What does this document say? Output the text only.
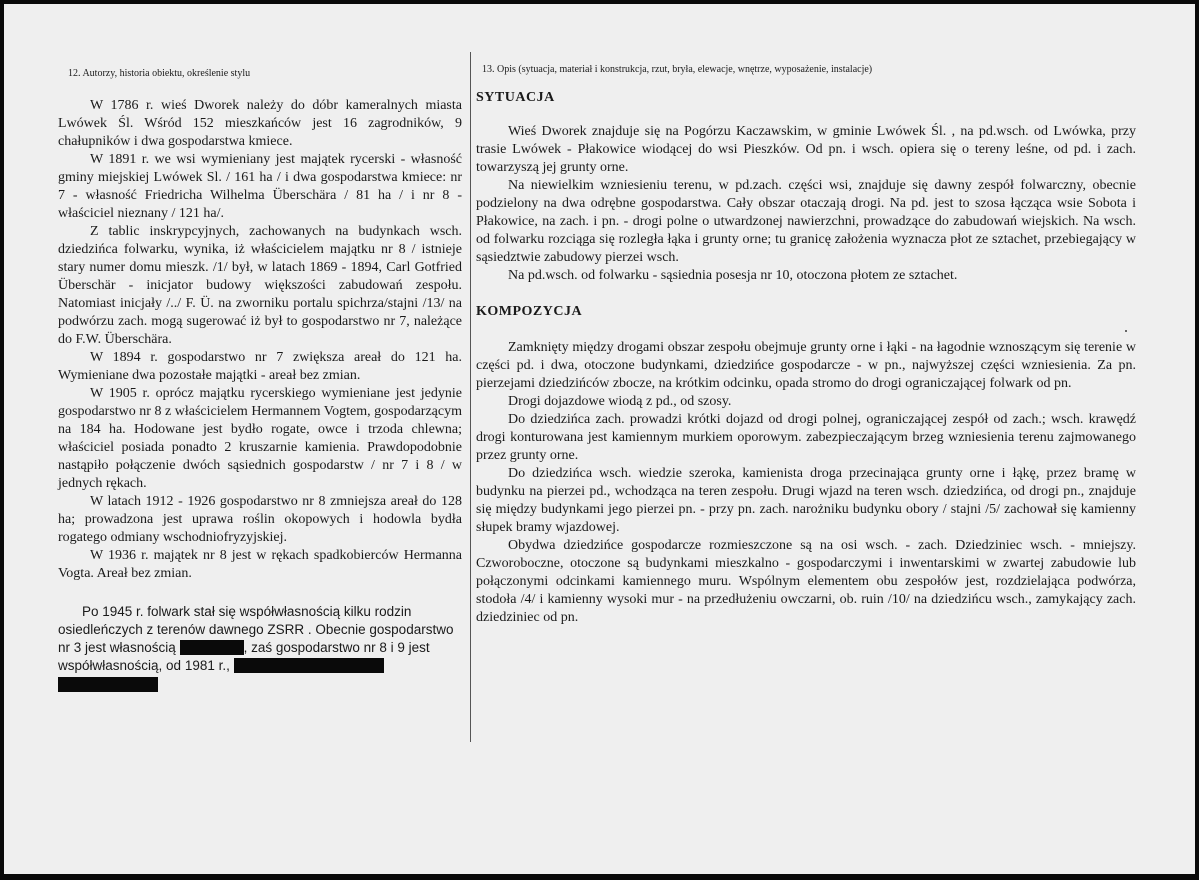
12. Autorzy, historia obiektu, określenie stylu

W 1786 r. wieś Dworek należy do dóbr kameralnych miasta Lwówek Śl. Wśród 152 mieszkańców jest 16 zagrodników, 9 chałupników i dwa gospodarstwa kmiece.

W 1891 r. we wsi wymieniany jest majątek rycerski - własność gminy miejskiej Lwówek Sl. / 161 ha / i dwa gospodarstwa kmiece: nr 7 - własność Friedricha Wilhelma Überschära / 81 ha / i nr 8 - właściciel nieznany / 121 ha/.

Z tablic inskrypcyjnych, zachowanych na budynkach wsch. dziedzińca folwarku, wynika, iż właścicielem majątku nr 8 / istnieje stary numer domu mieszk. /1/ był, w latach 1869 - 1894, Carl Gotfried Überschär - inicjator budowy większości zabudowań zespołu. Natomiast inicjały /../ F. Ü. na zworniku portalu spichrza/stajni /13/ na podwórzu zach. mogą sugerować iż był to gospodarstwo nr 7, należące do F.W. Überschära.

W 1894 r. gospodarstwo nr 7 zwiększa areał do 121 ha. Wymieniane dwa pozostałe majątki - areał bez zmian.

W 1905 r. oprócz majątku rycerskiego wymieniane jest jedynie gospodarstwo nr 8 z właścicielem Hermannem Vogtem, gospodarzącym na 184 ha. Hodowane jest bydło rogate, owce i trzoda chlewna; właściciel posiada ponadto 2 kruszarnie kamienia. Prawdopodobnie nastąpiło połączenie dwóch sąsiednich gospodarstw / nr 7 i 8 / w jednych rękach.

W latach 1912 - 1926 gospodarstwo nr 8 zmniejsza areał do 128 ha; prowadzona jest uprawa roślin okopowych i hodowla bydła rogatego odmiany wschodniofryzyjskiej.

W 1936 r. majątek nr 8 jest w rękach spadkobierców Hermanna Vogta. Areał bez zmian.

Po 1945 r. folwark stał się współwłasnością kilku rodzin osiedleńczych z terenów dawnego ZSRR . Obecnie gospodarstwo nr 3 jest własnością	, zaś gospodarstwo nr 8 i 9 jest współwłasnością, od 1981 r.,

13. Opis (sytuacja, materiał i konstrukcja, rzut, bryła, elewacje, wnętrze, wyposażenie, instalacje)
SYTUACJA

Wieś Dworek znajduje się na Pogórzu Kaczawskim, w gminie Lwówek Śl. , na pd.wsch. od Lwówka, przy trasie Lwówek - Płakowice wiodącej do wsi Pieszków. Od pn. i wsch. opiera się o tereny leśne, od pd. i zach. towarzyszą jej grunty orne.

Na niewielkim wzniesieniu terenu, w pd.zach. części wsi, znajduje się dawny zespół folwarczny, obecnie podzielony na dwa odrębne gospodarstwa. Cały obszar otaczają drogi. Na pd. jest to szosa łącząca wsie Sobota i Płakowice, na zach. i pn. - drogi polne o utwardzonej nawierzchni, prowadzące do zabudowań wiejskich. Na wsch. od folwarku rozciąga się rozległa łąka i grunty orne; tu granicę założenia wyznacza płot ze sztachet, przebiegający w sąsiedztwie zabudowy pierzei wsch.

Na pd.wsch. od folwarku - sąsiednia posesja nr 10, otoczona płotem ze sztachet.

KOMPOZYCJA

Zamknięty między drogami obszar zespołu obejmuje grunty orne i łąki - na łagodnie wznoszącym się terenie w części pd. i dwa, otoczone budynkami, dziedzińce gospodarcze - w pn., najwyższej części wzniesienia. Za pn. pierzejami dziedzińców zbocze, na krótkim odcinku, opada stromo do drogi ograniczającej folwark od pn.

Drogi dojazdowe wiodą z pd., od szosy.

Do dziedzińca zach. prowadzi krótki dojazd od drogi polnej, ograniczającej zespół od zach.; wsch. krawędź drogi konturowana jest kamiennym murkiem oporowym. zabezpieczającym brzeg wzniesienia terenu zajmowanego przez grunty orne.

Do dziedzińca wsch. wiedzie szeroka, kamienista droga przecinająca grunty orne i łąkę, przez bramę w budynku na pierzei pd., wchodząca na teren zespołu. Drugi wjazd na teren wsch. dziedzińca, od drogi pn., znajduje się między budynkami jego pierzei pn. - przy pn. zach. narożniku budynku obory / stajni /5/ zachował się kamienny słupek bramy wjazdowej.

Obydwa dziedzińce gospodarcze rozmieszczone są na osi wsch. - zach. Dziedziniec wsch. - mniejszy. Czworoboczne, otoczone są budynkami mieszkalno - gospodarczymi i inwentarskimi w zwartej zabudowie lub połączonymi odcinkami kamiennego muru. Wspólnym elementem obu zespołów jest, rozdzielająca podwórza, stodoła /4/ i kamienny wysoki mur - na przedłużeniu owczarni, ob. ruin /10/ na dziedzińcu wsch., zamykający zach. dziedziniec od pn.
